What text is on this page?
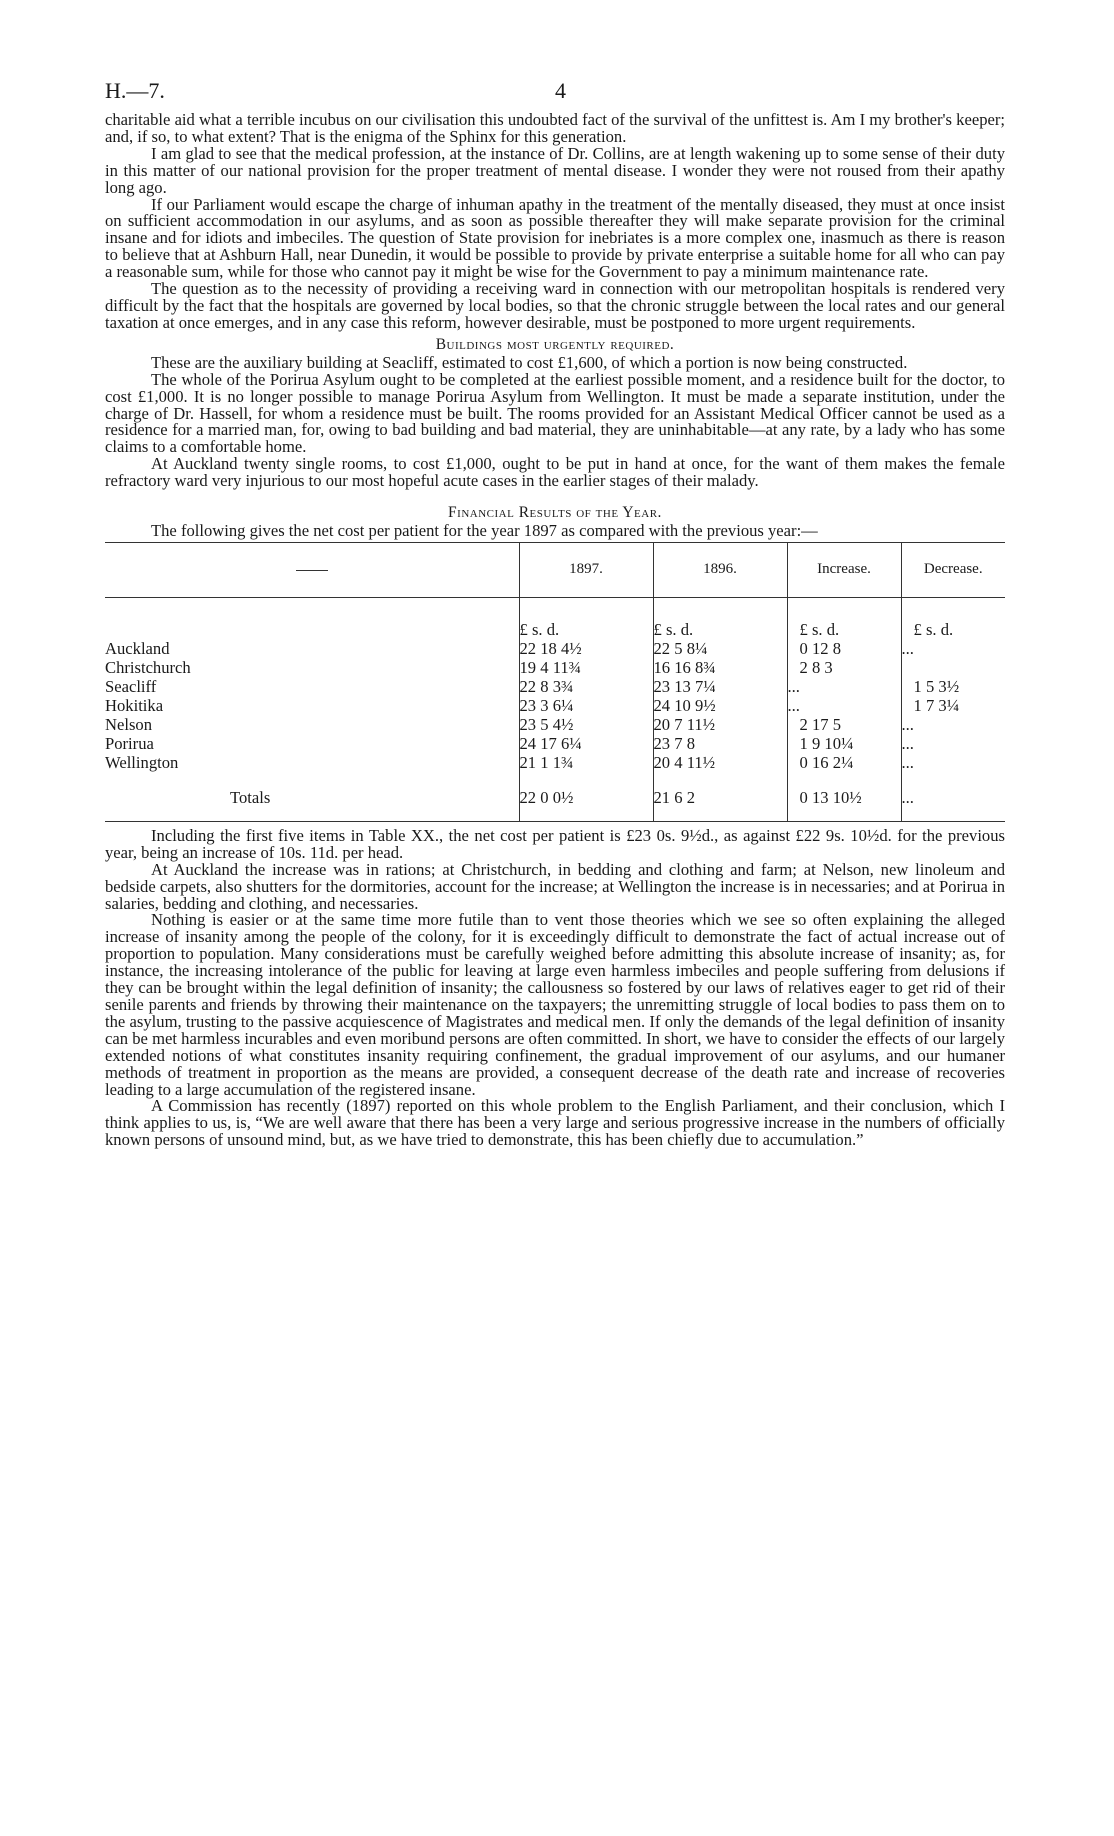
H.—7.	4

charitable aid what a terrible incubus on our civilisation this undoubted fact of the survival of the unfittest is. Am I my brother's keeper; and, if so, to what extent? That is the enigma of the Sphinx for this generation.

I am glad to see that the medical profession, at the instance of Dr. Collins, are at length wakening up to some sense of their duty in this matter of our national provision for the proper treatment of mental disease. I wonder they were not roused from their apathy long ago.

If our Parliament would escape the charge of inhuman apathy in the treatment of the mentally diseased, they must at once insist on sufficient accommodation in our asylums, and as soon as possible thereafter they will make separate provision for the criminal insane and for idiots and imbeciles. The question of State provision for inebriates is a more complex one, inasmuch as there is reason to believe that at Ashburn Hall, near Dunedin, it would be possible to provide by private enterprise a suitable home for all who can pay a reasonable sum, while for those who cannot pay it might be wise for the Government to pay a minimum maintenance rate.

The question as to the necessity of providing a receiving ward in connection with our metropolitan hospitals is rendered very difficult by the fact that the hospitals are governed by local bodies, so that the chronic struggle between the local rates and our general taxation at once emerges, and in any case this reform, however desirable, must be postponed to more urgent requirements.

Buildings most urgently required.

These are the auxiliary building at Seacliff, estimated to cost £1,600, of which a portion is now being constructed.

The whole of the Porirua Asylum ought to be completed at the earliest possible moment, and a residence built for the doctor, to cost £1,000. It is no longer possible to manage Porirua Asylum from Wellington. It must be made a separate institution, under the charge of Dr. Hassell, for whom a residence must be built. The rooms provided for an Assistant Medical Officer cannot be used as a residence for a married man, for, owing to bad building and bad material, they are uninhabitable—at any rate, by a lady who has some claims to a comfortable home.

At Auckland twenty single rooms, to cost £1,000, ought to be put in hand at once, for the want of them makes the female refractory ward very injurious to our most hopeful acute cases in the earlier stages of their malady.

Financial Results of the Year.

The following gives the net cost per patient for the year 1897 as compared with the previous year:—

	1897.	1896.	Increase.	Decrease.
	£ s. d.	£ s. d.	£ s. d.	£ s. d.
Auckland	22 18 4½	22 5 8¼	0 12 8	...
Christchurch	19 4 11¾	16 16 8¾	2 8 3	
Seacliff	22 8 3¾	23 13 7¼	...	1 5 3½
Hokitika	23 3 6¼	24 10 9½	...	1 7 3¼
Nelson	23 5 4½	20 7 11½	2 17 5	...
Porirua	24 17 6¼	23 7 8	1 9 10¼	...
Wellington	21 1 1¾	20 4 11½	0 16 2¼	...
Totals	22 0 0½	21 6 2	0 13 10½	...

Including the first five items in Table XX., the net cost per patient is £23 0s. 9½d., as against £22 9s. 10½d. for the previous year, being an increase of 10s. 11d. per head.

At Auckland the increase was in rations; at Christchurch, in bedding and clothing and farm; at Nelson, new linoleum and bedside carpets, also shutters for the dormitories, account for the increase; at Wellington the increase is in necessaries; and at Porirua in salaries, bedding and clothing, and necessaries.

Nothing is easier or at the same time more futile than to vent those theories which we see so often explaining the alleged increase of insanity among the people of the colony, for it is exceedingly difficult to demonstrate the fact of actual increase out of proportion to population. Many considerations must be carefully weighed before admitting this absolute increase of insanity; as, for instance, the increasing intolerance of the public for leaving at large even harmless imbeciles and people suffering from delusions if they can be brought within the legal definition of insanity; the callousness so fostered by our laws of relatives eager to get rid of their senile parents and friends by throwing their maintenance on the taxpayers; the unremitting struggle of local bodies to pass them on to the asylum, trusting to the passive acquiescence of Magistrates and medical men. If only the demands of the legal definition of insanity can be met harmless incurables and even moribund persons are often committed. In short, we have to consider the effects of our largely extended notions of what constitutes insanity requiring confinement, the gradual improvement of our asylums, and our humaner methods of treatment in proportion as the means are provided, a consequent decrease of the death rate and increase of recoveries leading to a large accumulation of the registered insane.

A Commission has recently (1897) reported on this whole problem to the English Parliament, and their conclusion, which I think applies to us, is, “We are well aware that there has been a very large and serious progressive increase in the numbers of officially known persons of unsound mind, but, as we have tried to demonstrate, this has been chiefly due to accumulation.”
